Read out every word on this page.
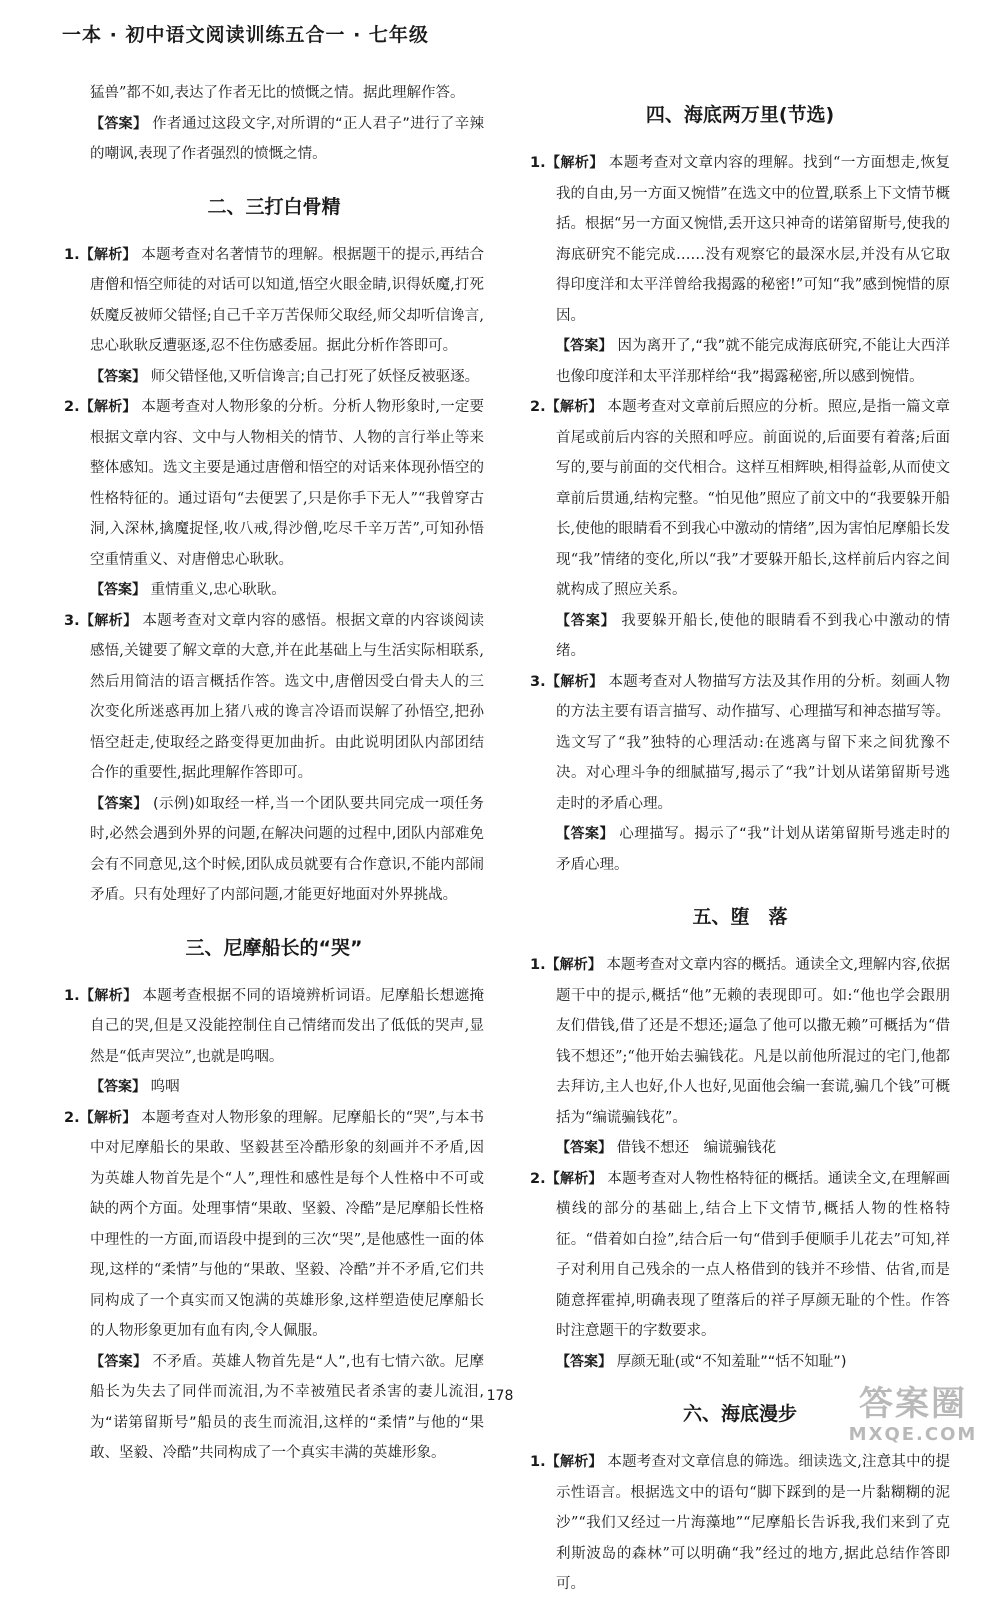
一本 · 初中语文阅读训练五合一 · 七年级

猛兽”都不如,表达了作者无比的愤慨之情。据此理解作答。

【答案】 作者通过这段文字,对所谓的“正人君子”进行了辛辣的嘲讽,表现了作者强烈的愤慨之情。

二、三打白骨精

1.【解析】 本题考查对名著情节的理解。根据题干的提示,再结合唐僧和悟空师徒的对话可以知道,悟空火眼金睛,识得妖魔,打死妖魔反被师父错怪;自己千辛万苦保师父取经,师父却听信谗言,忠心耿耿反遭驱逐,忍不住伤感委屈。据此分析作答即可。

【答案】 师父错怪他,又听信谗言;自己打死了妖怪反被驱逐。

2.【解析】 本题考查对人物形象的分析。分析人物形象时,一定要根据文章内容、文中与人物相关的情节、人物的言行举止等来整体感知。选文主要是通过唐僧和悟空的对话来体现孙悟空的性格特征的。通过语句“去便罢了,只是你手下无人”“我曾穿古洞,入深林,擒魔捉怪,收八戒,得沙僧,吃尽千辛万苦”,可知孙悟空重情重义、对唐僧忠心耿耿。

【答案】 重情重义,忠心耿耿。

3.【解析】 本题考查对文章内容的感悟。根据文章的内容谈阅读感悟,关键要了解文章的大意,并在此基础上与生活实际相联系,然后用简洁的语言概括作答。选文中,唐僧因受白骨夫人的三次变化所迷惑再加上猪八戒的谗言冷语而误解了孙悟空,把孙悟空赶走,使取经之路变得更加曲折。由此说明团队内部团结合作的重要性,据此理解作答即可。

【答案】 (示例)如取经一样,当一个团队要共同完成一项任务时,必然会遇到外界的问题,在解决问题的过程中,团队内部难免会有不同意见,这个时候,团队成员就要有合作意识,不能内部闹矛盾。只有处理好了内部问题,才能更好地面对外界挑战。

三、尼摩船长的“哭”

1.【解析】 本题考查根据不同的语境辨析词语。尼摩船长想遮掩自己的哭,但是又没能控制住自己情绪而发出了低低的哭声,显然是“低声哭泣”,也就是呜咽。

【答案】 呜咽

2.【解析】 本题考查对人物形象的理解。尼摩船长的“哭”,与本书中对尼摩船长的果敢、坚毅甚至冷酷形象的刻画并不矛盾,因为英雄人物首先是个“人”,理性和感性是每个人性格中不可或缺的两个方面。处理事情“果敢、坚毅、冷酷”是尼摩船长性格中理性的一方面,而语段中提到的三次“哭”,是他感性一面的体现,这样的“柔情”与他的“果敢、坚毅、冷酷”并不矛盾,它们共同构成了一个真实而又饱满的英雄形象,这样塑造使尼摩船长的人物形象更加有血有肉,令人佩服。

【答案】 不矛盾。英雄人物首先是“人”,也有七情六欲。尼摩船长为失去了同伴而流泪,为不幸被殖民者杀害的妻儿流泪,为“诺第留斯号”船员的丧生而流泪,这样的“柔情”与他的“果敢、坚毅、冷酷”共同构成了一个真实丰满的英雄形象。

四、海底两万里(节选)

1.【解析】 本题考查对文章内容的理解。找到“一方面想走,恢复我的自由,另一方面又惋惜”在选文中的位置,联系上下文情节概括。根据“另一方面又惋惜,丢开这只神奇的诺第留斯号,使我的海底研究不能完成……没有观察它的最深水层,并没有从它取得印度洋和太平洋曾给我揭露的秘密!”可知“我”感到惋惜的原因。

【答案】 因为离开了,“我”就不能完成海底研究,不能让大西洋也像印度洋和太平洋那样给“我”揭露秘密,所以感到惋惜。

2.【解析】 本题考查对文章前后照应的分析。照应,是指一篇文章首尾或前后内容的关照和呼应。前面说的,后面要有着落;后面写的,要与前面的交代相合。这样互相辉映,相得益彰,从而使文章前后贯通,结构完整。“怕见他”照应了前文中的“我要躲开船长,使他的眼睛看不到我心中激动的情绪”,因为害怕尼摩船长发现“我”情绪的变化,所以“我”才要躲开船长,这样前后内容之间就构成了照应关系。

【答案】 我要躲开船长,使他的眼睛看不到我心中激动的情绪。

3.【解析】 本题考查对人物描写方法及其作用的分析。刻画人物的方法主要有语言描写、动作描写、心理描写和神态描写等。选文写了“我”独特的心理活动:在逃离与留下来之间犹豫不决。对心理斗争的细腻描写,揭示了“我”计划从诺第留斯号逃走时的矛盾心理。

【答案】 心理描写。揭示了“我”计划从诺第留斯号逃走时的矛盾心理。

五、堕　落

1.【解析】 本题考查对文章内容的概括。通读全文,理解内容,依据题干中的提示,概括“他”无赖的表现即可。如:“他也学会跟朋友们借钱,借了还是不想还;逼急了他可以撒无赖”可概括为“借钱不想还”;“他开始去骗钱花。凡是以前他所混过的宅门,他都去拜访,主人也好,仆人也好,见面他会编一套谎,骗几个钱”可概括为“编谎骗钱花”。

【答案】 借钱不想还　编谎骗钱花

2.【解析】 本题考查对人物性格特征的概括。通读全文,在理解画横线的部分的基础上,结合上下文情节,概括人物的性格特征。“借着如白捡”,结合后一句“借到手便顺手儿花去”可知,祥子对利用自己残余的一点人格借到的钱并不珍惜、估省,而是随意挥霍掉,明确表现了堕落后的祥子厚颜无耻的个性。作答时注意题干的字数要求。

【答案】 厚颜无耻(或“不知羞耻”“恬不知耻”)

六、海底漫步

1.【解析】 本题考查对文章信息的筛选。细读选文,注意其中的提示性语言。根据选文中的语句“脚下踩到的是一片黏糊糊的泥沙”“我们又经过一片海藻地”“尼摩船长告诉我,我们来到了克利斯波岛的森林”可以明确“我”经过的地方,据此总结作答即可。

178	答案圈
MXQE.COM
